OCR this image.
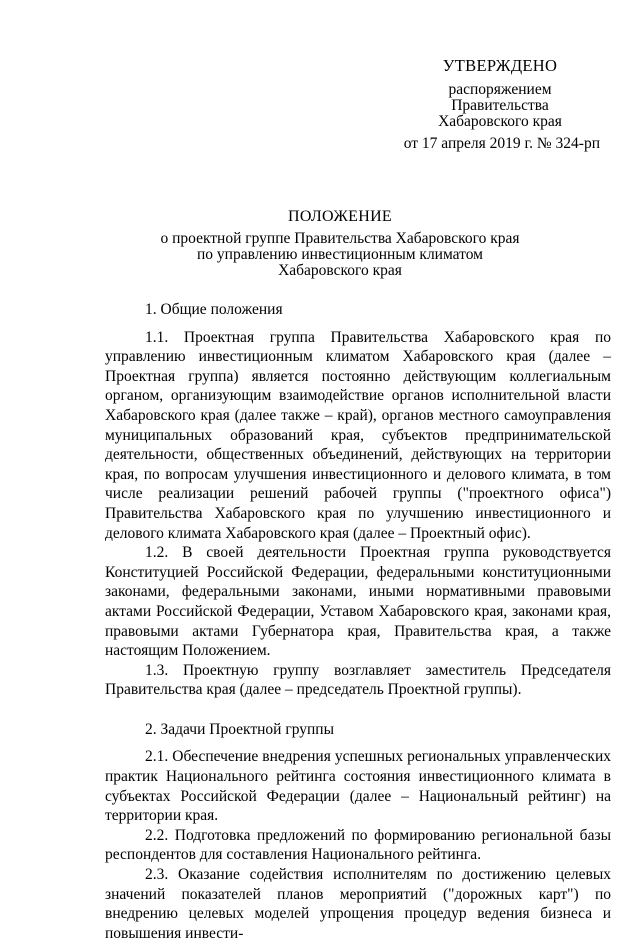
УТВЕРЖДЕНО
распоряжением
Правительства
Хабаровского края
от 17 апреля 2019 г. № 324-рп
ПОЛОЖЕНИЕ
о проектной группе Правительства Хабаровского края
по управлению инвестиционным климатом
Хабаровского края

1. Общие положения

1.1. Проектная группа Правительства Хабаровского края по управлению инвестиционным климатом Хабаровского края (далее – Проектная группа) является постоянно действующим коллегиальным органом, организующим взаимодействие органов исполнительной власти Хабаровского края (далее также – край), органов местного самоуправления муниципальных образований края, субъектов предпринимательской деятельности, общественных объединений, действующих на территории края, по вопросам улучшения инвестиционного и делового климата, в том числе реализации решений рабочей группы ("проектного офиса") Правительства Хабаровского края по улучшению инвестиционного и делового климата Хабаровского края (далее – Проектный офис).

1.2. В своей деятельности Проектная группа руководствуется Конституцией Российской Федерации, федеральными конституционными законами, федеральными законами, иными нормативными правовыми актами Российской Федерации, Уставом Хабаровского края, законами края, правовыми актами Губернатора края, Правительства края, а также настоящим Положением.

1.3. Проектную группу возглавляет заместитель Председателя Правительства края (далее – председатель Проектной группы).

2. Задачи Проектной группы

2.1. Обеспечение внедрения успешных региональных управленческих практик Национального рейтинга состояния инвестиционного климата в субъектах Российской Федерации (далее – Национальный рейтинг) на территории края.

2.2. Подготовка предложений по формированию региональной базы респондентов для составления Национального рейтинга.

2.3. Оказание содействия исполнителям по достижению целевых значений показателей планов мероприятий ("дорожных карт") по внедрению целевых моделей упрощения процедур ведения бизнеса и повышения инвести-
